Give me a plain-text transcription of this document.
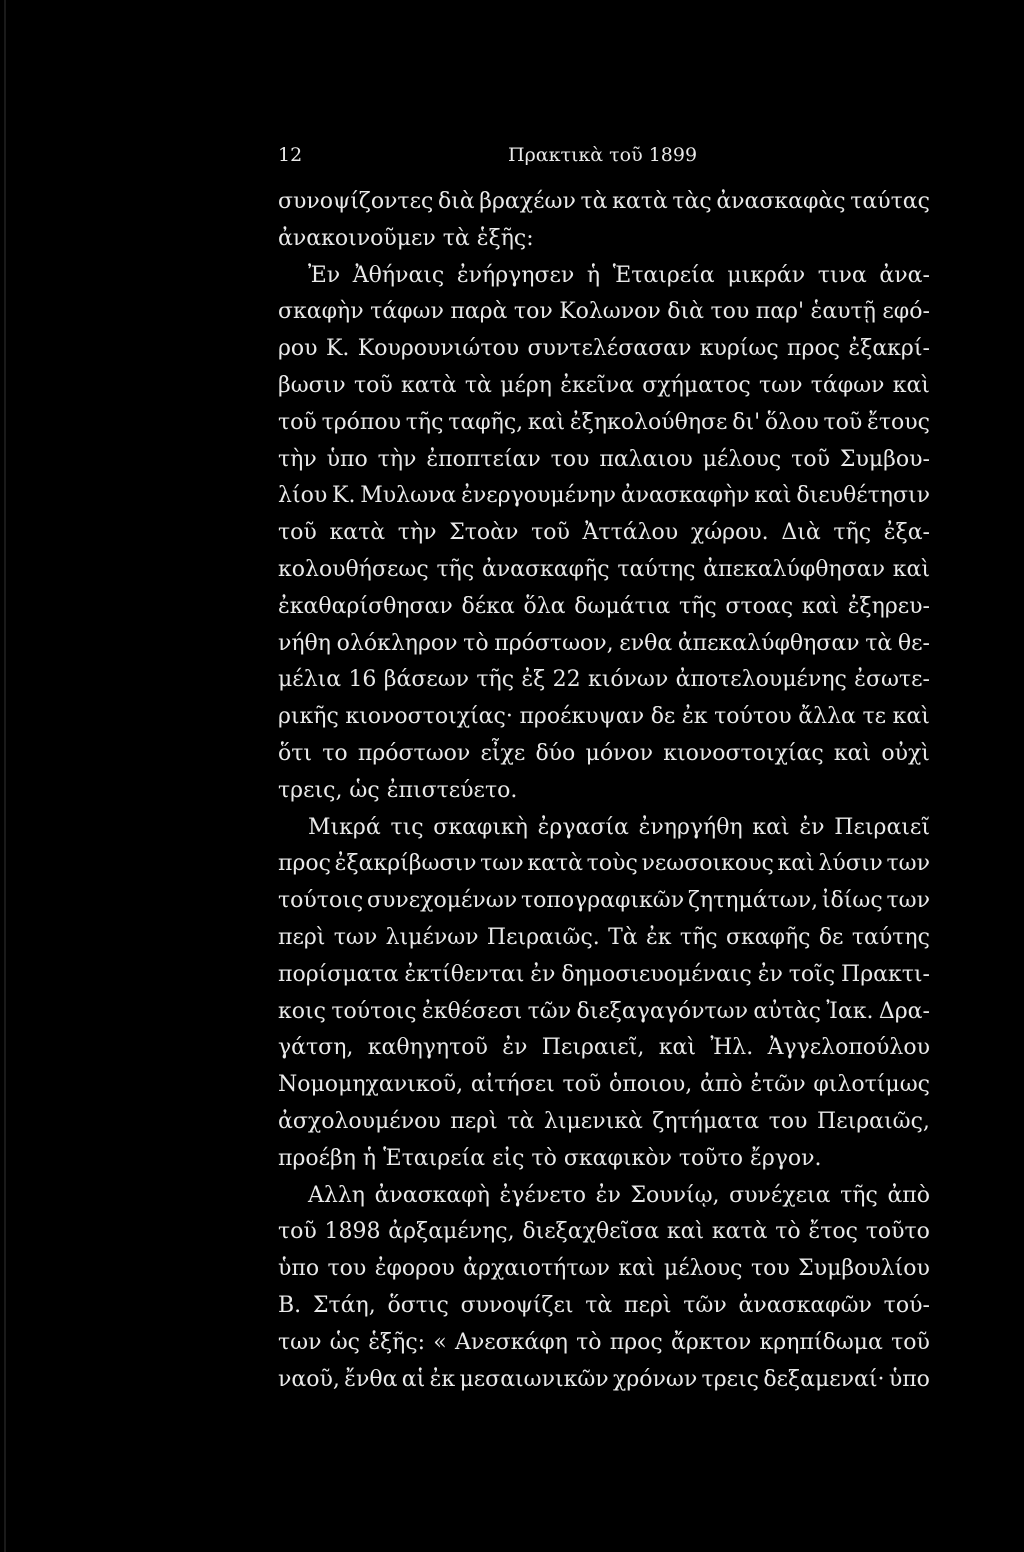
12	Πρακτικὰ τοῦ 1899
συνοψίζοντες διὰ βραχέων τὰ κατὰ τὰς ἀνασκαφὰς ταύτας
ἀνακοινοῦμεν τὰ ἑξῆς:
Ἐν Ἀθήναις ἐνήργησεν ἡ Ἑταιρεία μικράν τινα ἀνα-
σκαφὴν τάφων παρὰ τον Κολωνον διὰ του παρ' ἑαυτῇ εφό-
ρου Κ. Κουρουνιώτου συντελέσασαν κυρίως προς ἐξακρί-
βωσιν τοῦ κατὰ τὰ μέρη ἐκεῖνα σχήματος των τάφων καὶ
τοῦ τρόπου τῆς ταφῆς, καὶ ἐξηκολούθησε δι' ὅλου τοῦ ἔτους
τὴν ὑπο τὴν ἐποπτείαν του παλαιου μέλους τοῦ Συμβου-
λίου Κ. Μυλωνα ἐνεργουμένην ἀνασκαφὴν καὶ διευθέτησιν
τοῦ κατὰ τὴν Στοὰν τοῦ Ἀττάλου χώρου. Διὰ τῆς ἐξα-
κολουθήσεως τῆς ἀνασκαφῆς ταύτης ἀπεκαλύφθησαν καὶ
ἐκαθαρίσθησαν δέκα ὅλα δωμάτια τῆς στοας καὶ ἐξηρευ-
νήθη ολόκληρον τὸ πρόστωον, ενθα ἀπεκαλύφθησαν τὰ θε-
μέλια 16 βάσεων τῆς ἐξ 22 κιόνων ἀποτελουμένης ἐσωτε-
ρικῆς κιονοστοιχίας· προέκυψαν δε ἐκ τούτου ἄλλα τε καὶ
ὅτι το πρόστωον εἶχε δύο μόνον κιονοστοιχίας καὶ οὐχὶ
τρεις, ὡς ἐπιστεύετο.
Μικρά τις σκαφικὴ ἐργασία ἐνηργήθη καὶ ἐν Πειραιεῖ
προς ἐξακρίβωσιν των κατὰ τοὺς νεωσοικους καὶ λύσιν των
τούτοις συνεχομένων τοπογραφικῶν ζητημάτων, ἰδίως των
περὶ των λιμένων Πειραιῶς. Τὰ ἐκ τῆς σκαφῆς δε ταύτης
πορίσματα ἐκτίθενται ἐν δημοσιευομέναις ἐν τοῖς Πρακτι-
κοις τούτοις ἐκθέσεσι τῶν διεξαγαγόντων αὐτὰς Ἰακ. Δρα-
γάτση, καθηγητοῦ ἐν Πειραιεῖ, καὶ Ἠλ. Ἀγγελοπούλου
Νομομηχανικοῦ, αἰτήσει τοῦ ὁποιου, ἀπὸ ἐτῶν φιλοτίμως
ἀσχολουμένου περὶ τὰ λιμενικὰ ζητήματα του Πειραιῶς,
προέβη ἡ Ἑταιρεία εἰς τὸ σκαφικὸν τοῦτο ἔργον.
Αλλη ἀνασκαφὴ ἐγένετο ἐν Σουνίῳ, συνέχεια τῆς ἀπὸ
τοῦ 1898 ἀρξαμένης, διεξαχθεῖσα καὶ κατὰ τὸ ἔτος τοῦτο
ὑπο του ἐφορου ἀρχαιοτήτων καὶ μέλους του Συμβουλίου
Β. Στάη, ὅστις συνοψίζει τὰ περὶ τῶν ἀνασκαφῶν τού-
των ὡς ἑξῆς: « Ανεσκάφη τὸ προς ἄρκτον κρηπίδωμα τοῦ
ναοῦ, ἔνθα αἱ ἐκ μεσαιωνικῶν χρόνων τρεις δεξαμεναί· ὑπο
